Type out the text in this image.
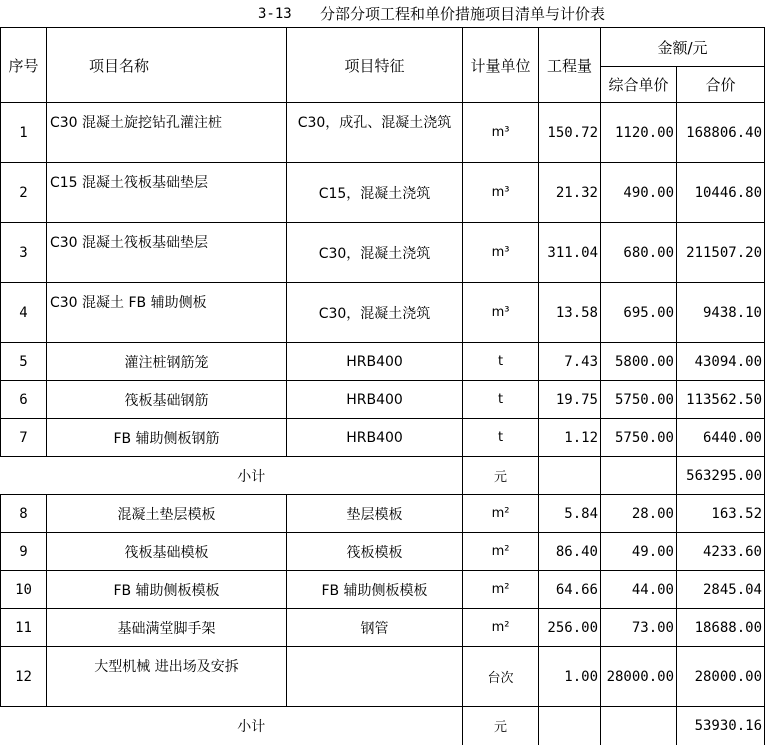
3-13 分部分项工程和单价措施项目清单与计价表
序号	项目名称	项目特征	计量单位	工程量	金额/元	
					综合单价	合价
1	C30 混凝土旋挖钻孔灌注桩	C30，成孔、混凝土浇筑	m³	150.72	1120.00	168806.40
2	C15 混凝土筏板基础垫层	C15，混凝土浇筑	m³	21.32	490.00	10446.80
3	C30 混凝土筏板基础垫层	C30，混凝土浇筑	m³	311.04	680.00	211507.20
4	C30 混凝土 FB 辅助侧板	C30，混凝土浇筑	m³	13.58	695.00	9438.10
5	灌注桩钢筋笼	HRB400	t	7.43	5800.00	43094.00
6	筏板基础钢筋	HRB400	t	19.75	5750.00	113562.50
7	FB 辅助侧板钢筋	HRB400	t	1.12	5750.00	6440.00
小计			元			563295.00
8	混凝土垫层模板	垫层模板	m²	5.84	28.00	163.52
9	筏板基础模板	筏板模板	m²	86.40	49.00	4233.60
10	FB 辅助侧板模板	FB 辅助侧板模板	m²	64.66	44.00	2845.04
11	基础满堂脚手架	钢管	m²	256.00	73.00	18688.00
12	大型机械 进出场及安拆		台次	1.00	28000.00	28000.00
小计			元			53930.16
